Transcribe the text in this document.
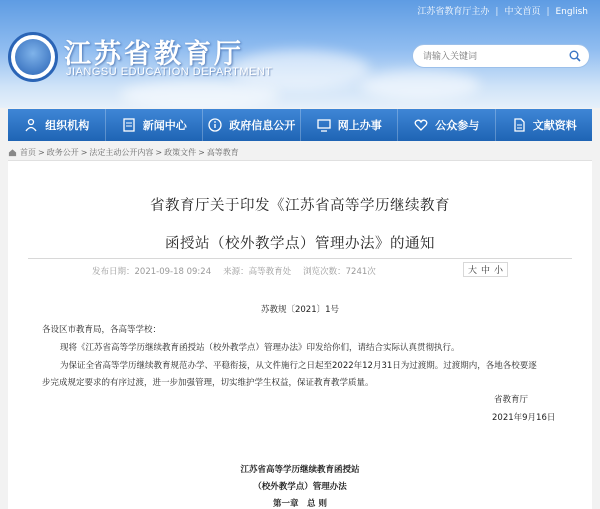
江苏省教育厅主办 | 中文首页 | English
江苏省教育厅
JIANGSU EDUCATION DEPARTMENT
请输入关键词
组织机构	新闻中心	政府信息公开	网上办事	公众参与	文献资料
首页 > 政务公开 > 法定主动公开内容 > 政策文件 > 高等教育
省教育厅关于印发《江苏省高等学历继续教育
函授站（校外教学点）管理办法》的通知
发布日期：2021-09-18 09:24 来源：高等教育处 浏览次数：7241次	大 中 小
苏教规〔2021〕1号
各设区市教育局，各高等学校：
现将《江苏省高等学历继续教育函授站（校外教学点）管理办法》印发给你们，请结合实际认真贯彻执行。
为保证全省高等学历继续教育规范办学、平稳衔接，从文件施行之日起至2022年12月31日为过渡期。过渡期内，各地各校要逐
步完成规定要求的有序过渡，进一步加强管理，切实维护学生权益，保证教育教学质量。
省教育厅
2021年9月16日
江苏省高等学历继续教育函授站
（校外教学点）管理办法
第一章　总 则
